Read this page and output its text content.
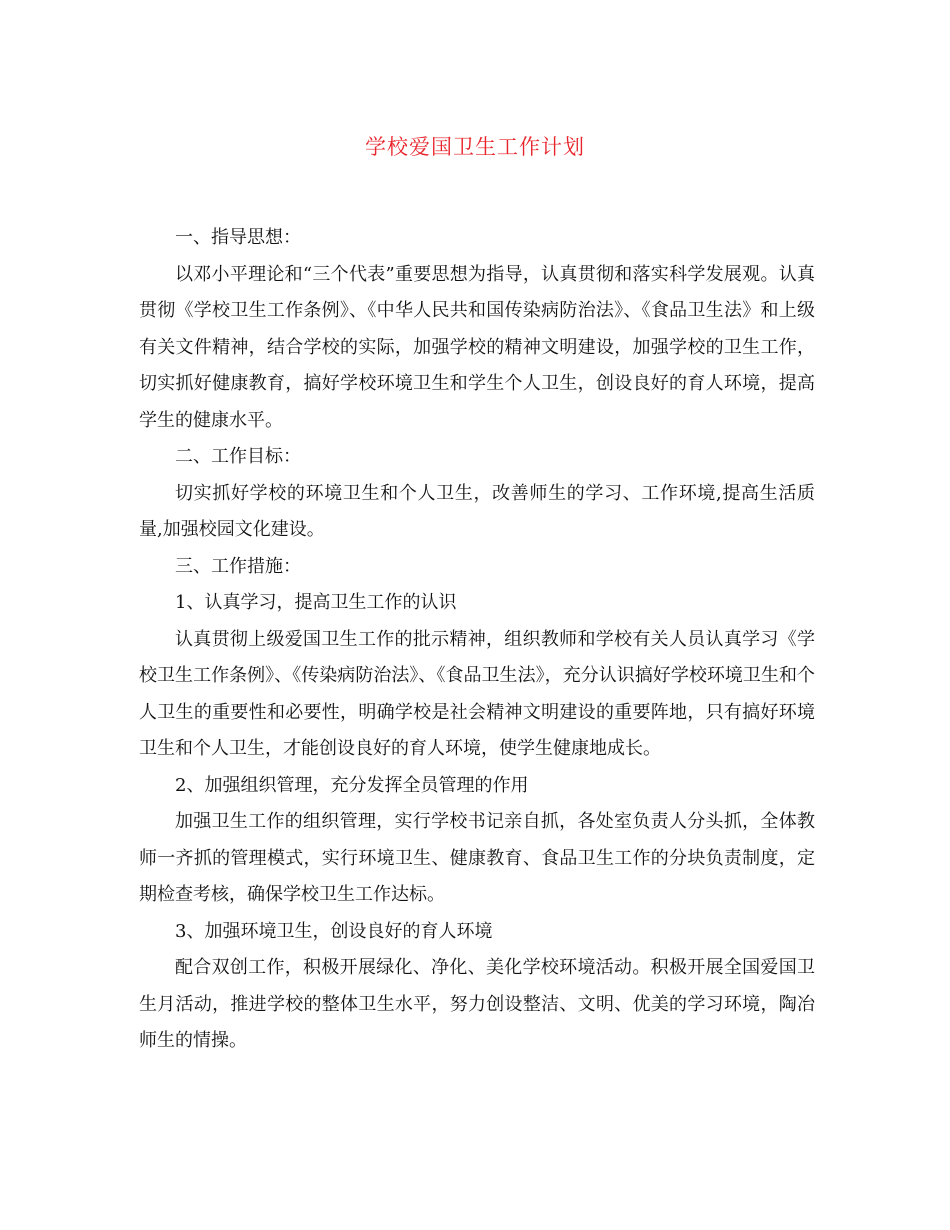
学校爱国卫生工作计划

一、指导思想：

以邓小平理论和“三个代表”重要思想为指导，认真贯彻和落实科学发展观。认真贯彻《学校卫生工作条例》、《中华人民共和国传染病防治法》、《食品卫生法》和上级有关文件精神，结合学校的实际，加强学校的精神文明建设，加强学校的卫生工作，切实抓好健康教育，搞好学校环境卫生和学生个人卫生，创设良好的育人环境，提高学生的健康水平。

二、工作目标：

切实抓好学校的环境卫生和个人卫生，改善师生的学习、工作环境,提高生活质量,加强校园文化建设。

三、工作措施：

1、认真学习，提高卫生工作的认识

认真贯彻上级爱国卫生工作的批示精神，组织教师和学校有关人员认真学习《学校卫生工作条例》、《传染病防治法》、《食品卫生法》，充分认识搞好学校环境卫生和个人卫生的重要性和必要性，明确学校是社会精神文明建设的重要阵地，只有搞好环境卫生和个人卫生，才能创设良好的育人环境，使学生健康地成长。

2、加强组织管理，充分发挥全员管理的作用

加强卫生工作的组织管理，实行学校书记亲自抓，各处室负责人分头抓，全体教师一齐抓的管理模式，实行环境卫生、健康教育、食品卫生工作的分块负责制度，定期检查考核，确保学校卫生工作达标。

3、加强环境卫生，创设良好的育人环境

配合双创工作，积极开展绿化、净化、美化学校环境活动。积极开展全国爱国卫生月活动，推进学校的整体卫生水平，努力创设整洁、文明、优美的学习环境，陶冶师生的情操。
